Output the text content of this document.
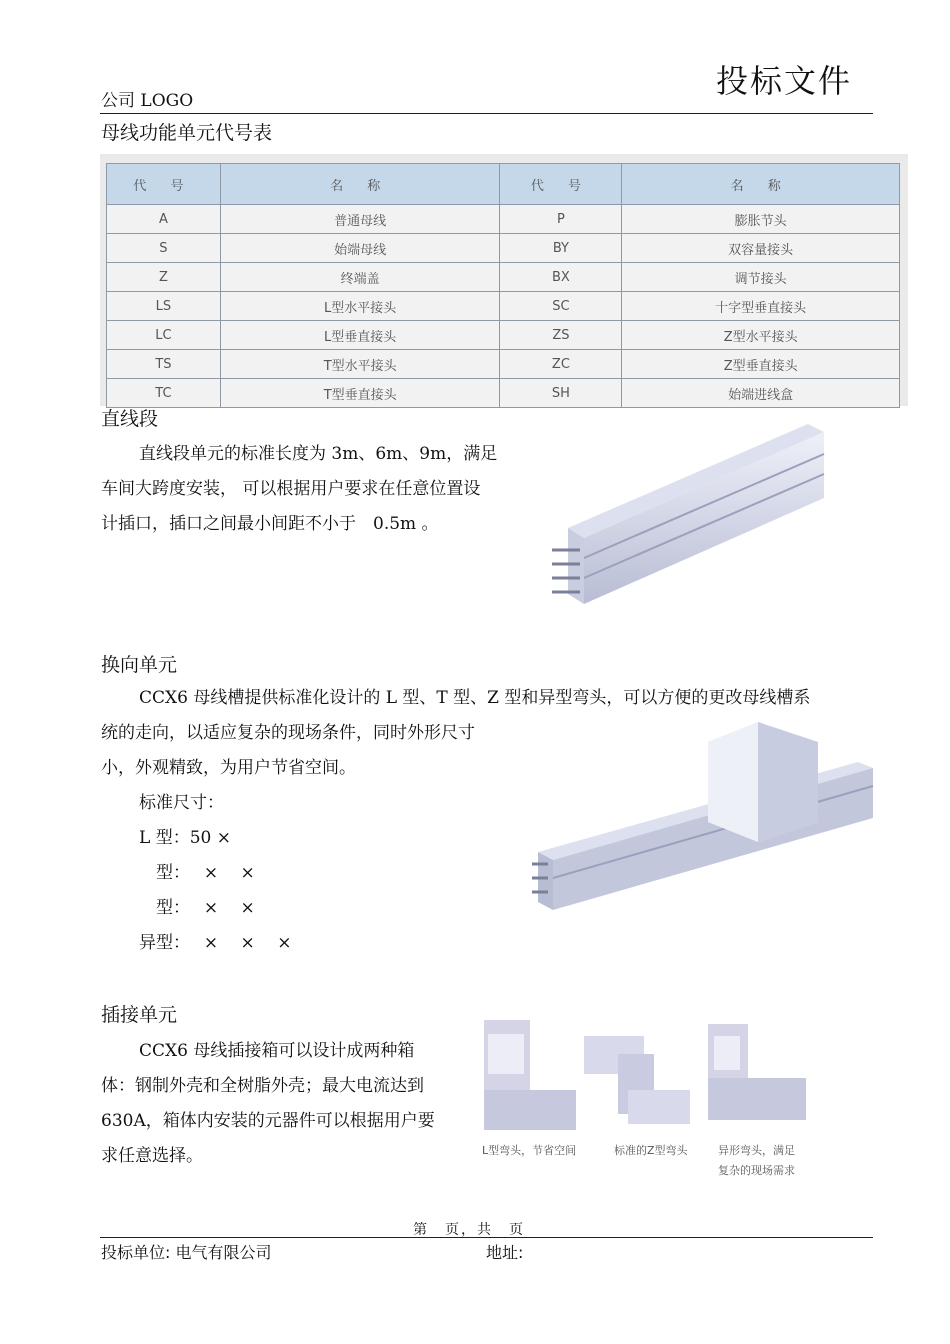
公司 LOGO
投标文件
母线功能单元代号表
代 号	名 称	代 号	名 称
A	普通母线	P	膨胀节头
S	始端母线	BY	双容量接头
Z	终端盖	BX	调节接头
LS	L型水平接头	SC	十字型垂直接头
LC	L型垂直接头	ZS	Z型水平接头
TS	T型水平接头	ZC	Z型垂直接头
TC	T型垂直接头	SH	始端进线盒
直线段
直线段单元的标准长度为 3m、6m、9m，满足
车间大跨度安装， 可以根据用户要求在任意位置设
计插口，插口之间最小间距不小于　0.5m 。
换向单元
CCX6 母线槽提供标准化设计的 L 型、T 型、Z 型和异型弯头，可以方便的更改母线槽系
统的走向，以适应复杂的现场条件，同时外形尺寸
小，外观精致，为用户节省空间。
标准尺寸：
L 型：50 ×
　型：　 ×　 ×
　型：　 ×　 ×
异型：　 ×　 ×　 ×
插接单元
CCX6 母线插接箱可以设计成两种箱
体：钢制外壳和全树脂外壳；最大电流达到
630A，箱体内安装的元器件可以根据用户要
求任意选择。	L型弯头，节省空间	标准的Z型弯头	异形弯头，满足
复杂的现场需求
第　页，共　页
投标单位: 电气有限公司	地址:
